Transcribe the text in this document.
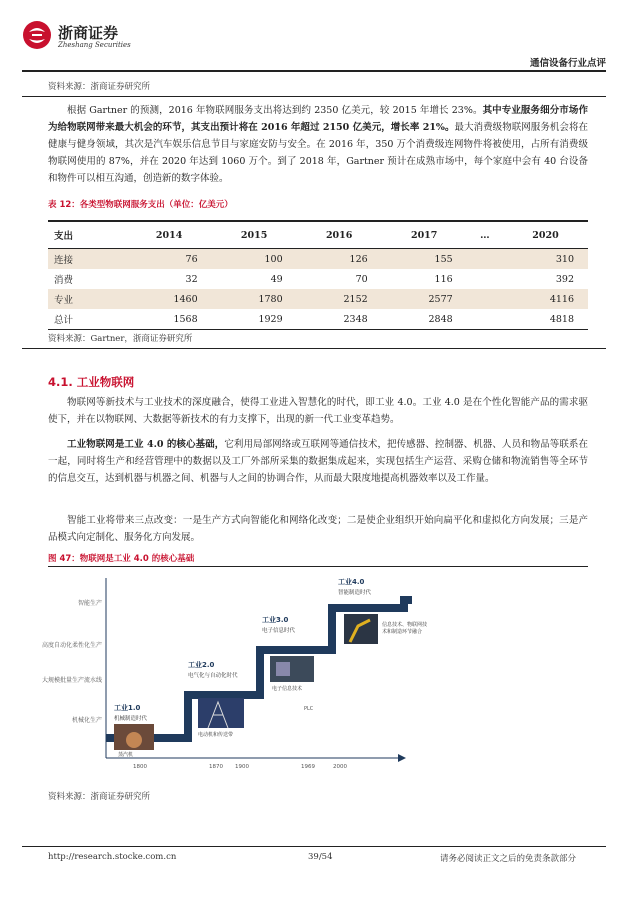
浙商证券
Zheshang Securities
通信设备行业点评
资料来源：浙商证券研究所
根据 Gartner 的预测，2016 年物联网服务支出将达到约 2350 亿美元，较 2015 年增长 23%。其中专业服务细分市场作为给物联网带来最大机会的环节，其支出预计将在 2016 年超过 2150 亿美元，增长率 21%。最大消费级物联网服务机会将在健康与健身领域，其次是汽车娱乐信息节目与家庭安防与安全。在 2016 年，350 万个消费级连网物件将被使用，占所有消费级物联网使用的 87%，并在 2020 年达到 1060 万个。到了 2018 年，Gartner 预计在成熟市场中，每个家庭中会有 40 台设备和物件可以相互沟通，创造新的数字体验。
表 12：各类型物联网服务支出（单位：亿美元）
支出	2014	2015	2016	2017	…	2020
连接	76	100	126	155		310
消费	32	49	70	116		392
专业	1460	1780	2152	2577		4116
总计	1568	1929	2348	2848		4818
资料来源：Gartner，浙商证券研究所
4.1. 工业物联网
物联网等新技术与工业技术的深度融合，使得工业进入智慧化的时代，即工业 4.0。工业 4.0 是在个性化智能产品的需求驱使下，并在以物联网、大数据等新技术的有力支撑下，出现的新一代工业变革趋势。
工业物联网是工业 4.0 的核心基础，它利用局部网络或互联网等通信技术，把传感器、控制器、机器、人员和物品等联系在一起，同时将生产和经营管理中的数据以及工厂外部所采集的数据集成起来，实现包括生产运营、采购仓储和物流销售等全环节的信息交互，达到机器与机器之间、机器与人之间的协调合作，从而最大限度地提高机器效率以及工作量。
智能工业将带来三点改变：一是生产方式向智能化和网络化改变；二是使企业组织开始向扁平化和虚拟化方向发展；三是产品模式向定制化、服务化方向发展。
图 47：物联网是工业 4.0 的核心基础
智能生产
高度自动化柔性化生产
大规模批量生产流水线
机械化生产
工业1.0
机械制造时代
工业2.0
电气化与自动化时代
工业3.0
电子信息时代
工业4.0
智能制造时代
蒸汽机
电动机和传送带
电子信息技术
PLC
信息技术、物联网技术和制造环节融合
1800	1870 1900	1969	2000
资料来源：浙商证券研究所
http://research.stocke.com.cn	39/54	请务必阅读正文之后的免责条款部分
